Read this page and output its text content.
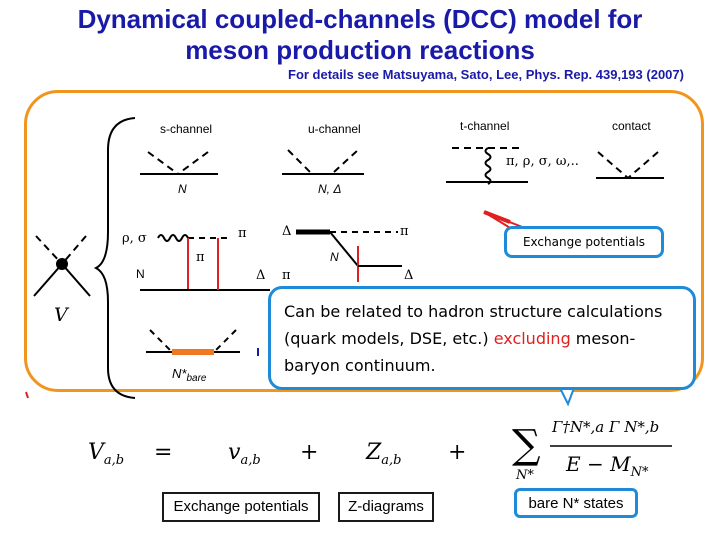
Dynamical coupled-channels (DCC) model for
meson production reactions
For details see Matsuyama, Sato, Lee, Phys. Rep. 439,193 (2007)
s-channel	u-channel	t-channel	contact
π, ρ, σ, ω,..
N	N, Δ
ρ, σ	π
π
N	Δ
Δ	π
N
π	Δ
V
$N*_{bare}$
Exchange potentials
Can be related to hadron structure calculations
(quark models, DSE, etc.) excluding meson-
baryon continuum.
$V_{a,b}$ =	$v_{a,b} + Z_{a,b}$ + ∑
N*
Γ†N*,a Γ N*,b
$E - M_{N*}$
Exchange potentials	Z-diagrams	bare N* states
